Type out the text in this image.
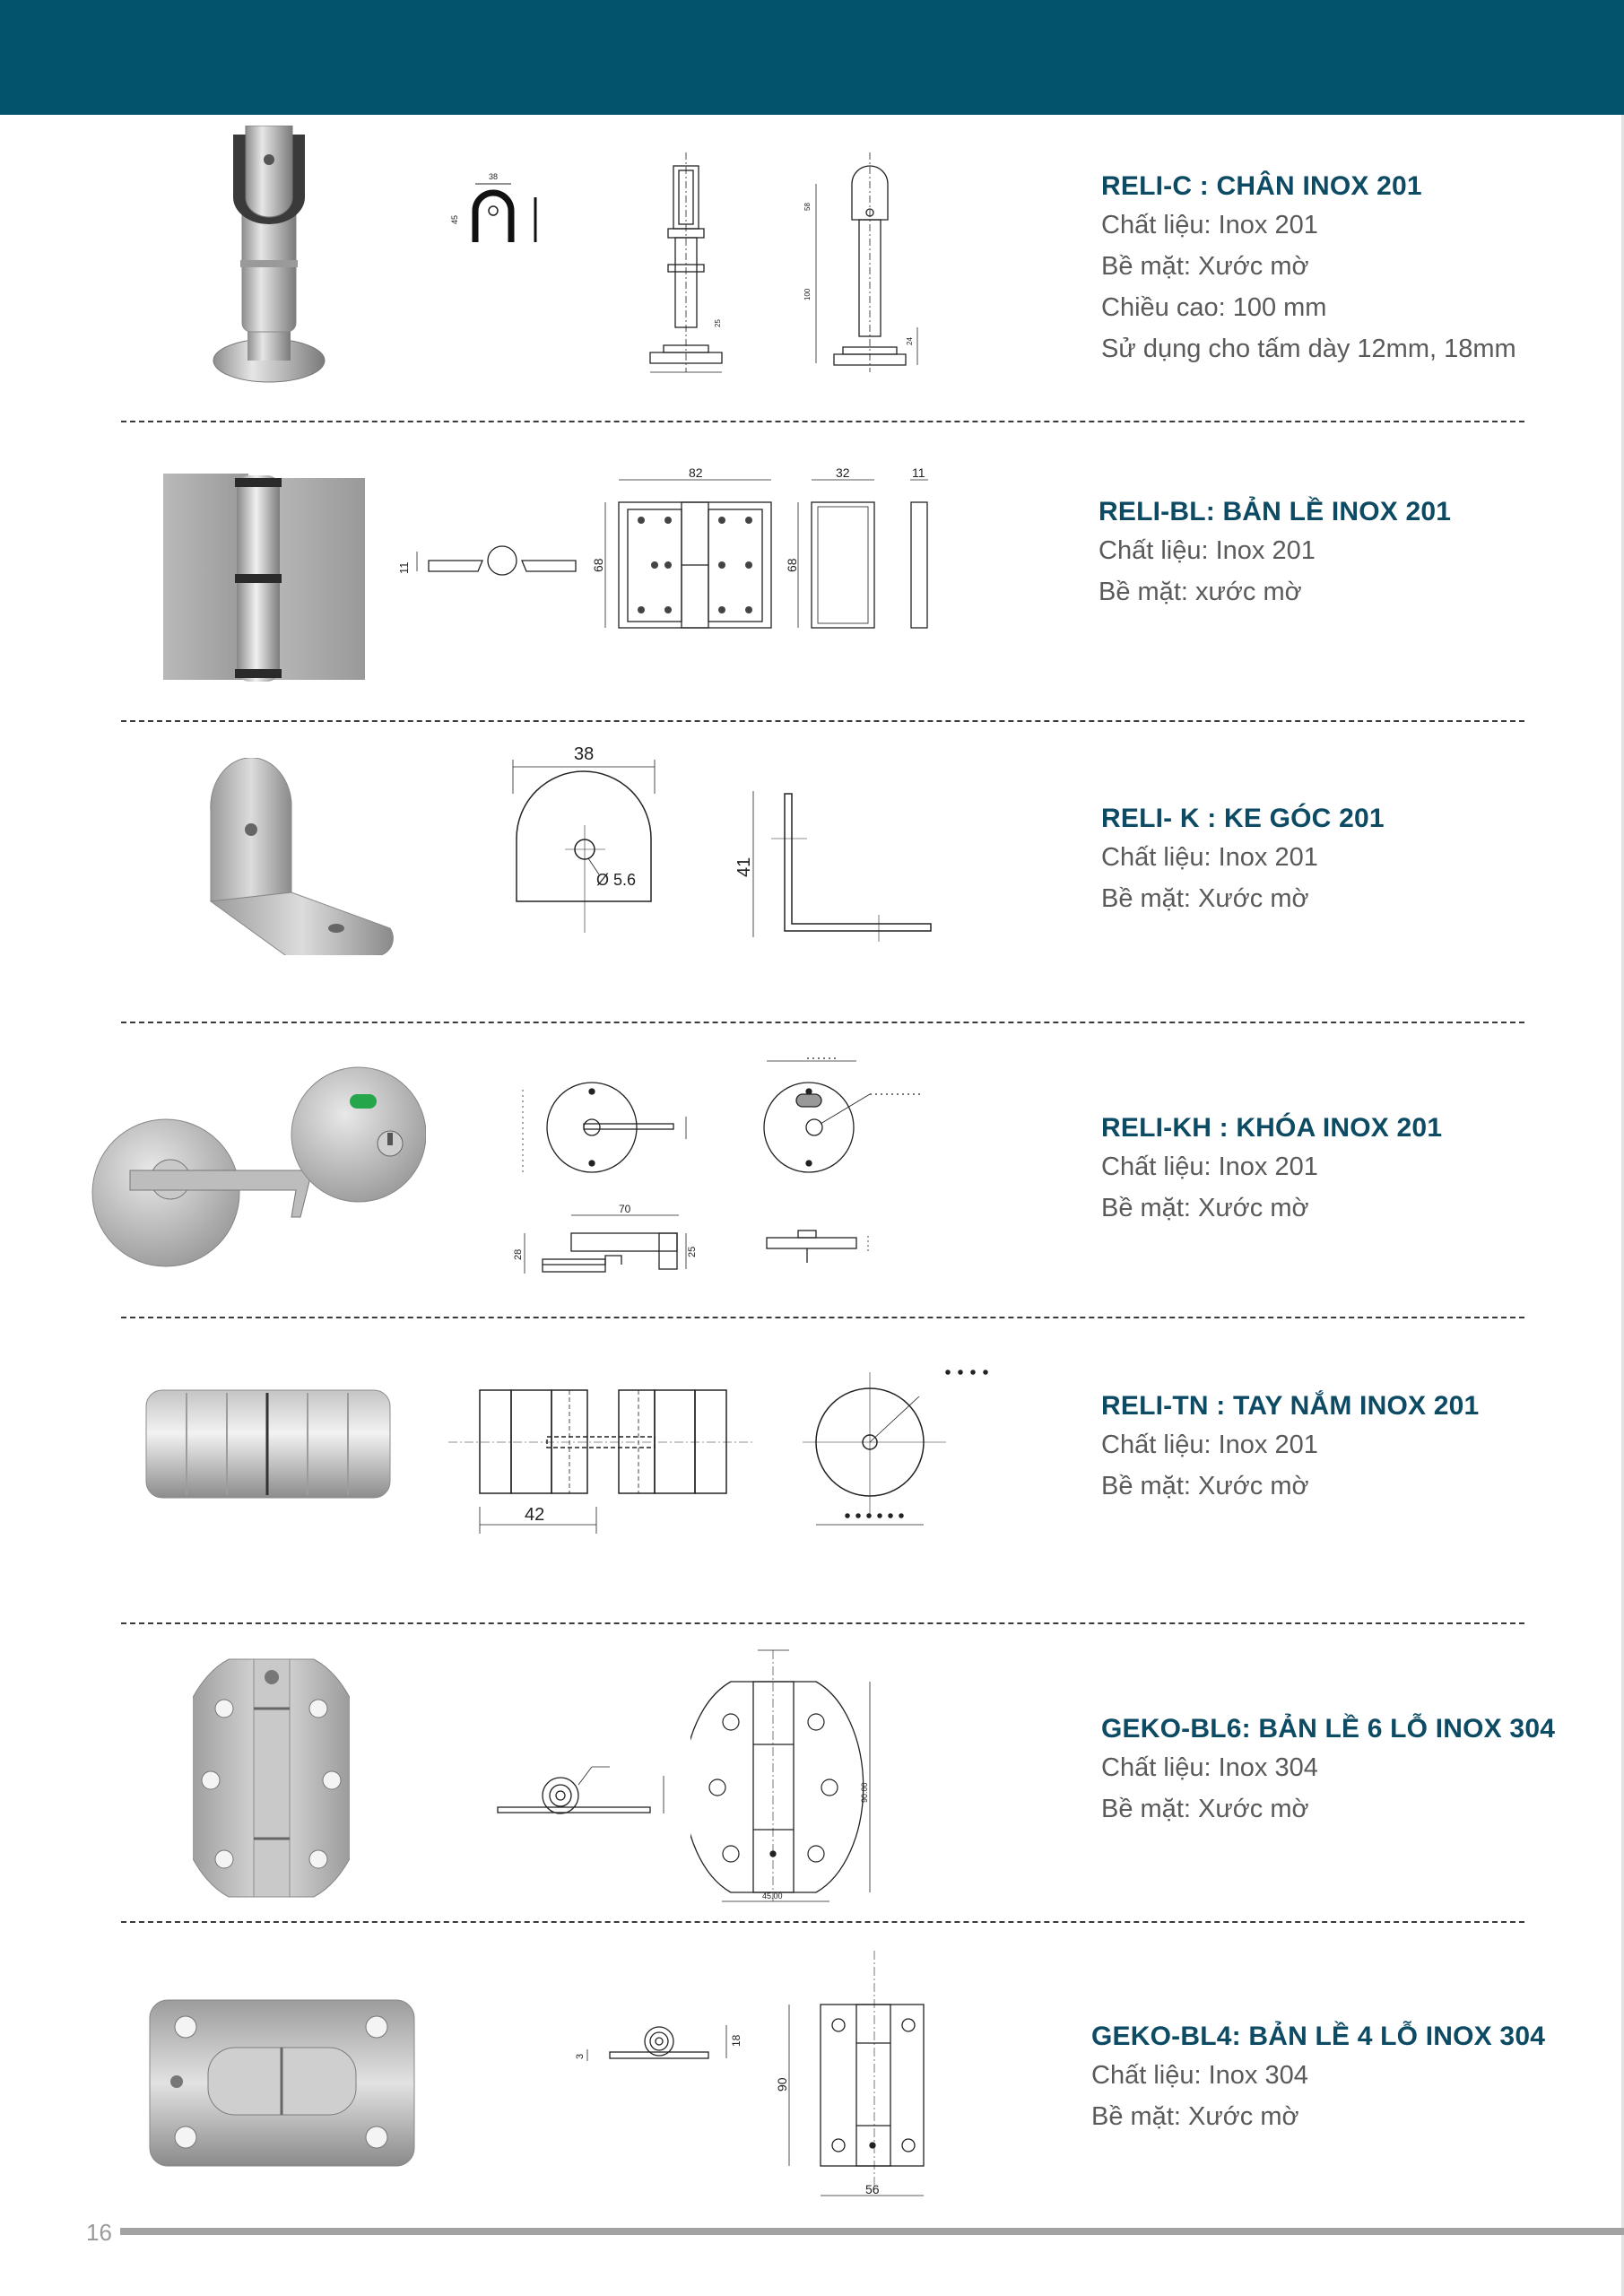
38
45
25
58
100
24
RELI-C : CHÂN INOX 201
Chất liệu: Inox 201
Bề mặt: Xước mờ
Chiều cao: 100 mm
Sử dụng cho tấm dày 12mm, 18mm
11
82
68
32
68
11
RELI-BL: BẢN LỀ INOX 201
Chất liệu: Inox 201
Bề mặt: xước mờ
38
Ø 5.6
41
RELI- K : KE GÓC 201
Chất liệu: Inox 201
Bề mặt: Xước mờ
70
28	25
RELI-KH : KHÓA INOX 201
Chất liệu: Inox 201
Bề mặt: Xước mờ
42
RELI-TN : TAY NẮM INOX 201
Chất liệu: Inox 201
Bề mặt: Xước mờ
90.00
45.00
GEKO-BL6: BẢN LỀ 6 LỖ INOX 304
Chất liệu: Inox 304
Bề mặt: Xước mờ
3
18
90
56
GEKO-BL4: BẢN LỀ 4 LỖ INOX 304
Chất liệu: Inox 304
Bề mặt: Xước mờ
16
